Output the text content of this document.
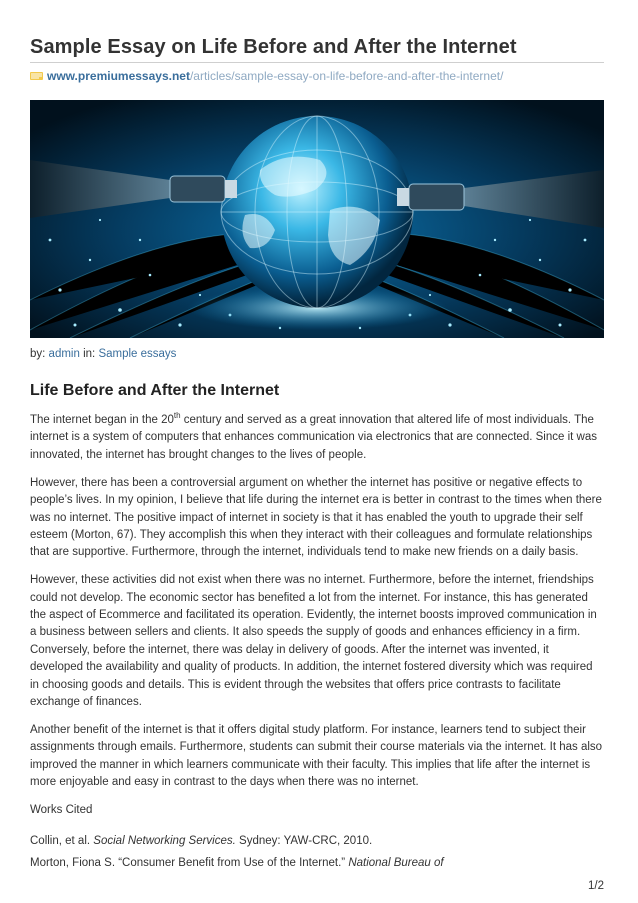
Sample Essay on Life Before and After the Internet
www.premiumessays.net/articles/sample-essay-on-life-before-and-after-the-internet/
by: admin in: Sample essays
Life Before and After the Internet

The internet began in the 20th century and served as a great innovation that altered life of most individuals. The internet is a system of computers that enhances communication via electronics that are connected. Since it was innovated, the internet has brought changes to the lives of people.

However, there has been a controversial argument on whether the internet has positive or negative effects to people’s lives. In my opinion, I believe that life during the internet era is better in contrast to the times when there was no internet. The positive impact of internet in society is that it has enabled the youth to upgrade their self esteem (Morton, 67). They accomplish this when they interact with their colleagues and formulate relationships that are supportive. Furthermore, through the internet, individuals tend to make new friends on a daily basis.

However, these activities did not exist when there was no internet. Furthermore, before the internet, friendships could not develop. The economic sector has benefited a lot from the internet. For instance, this has generated the aspect of Ecommerce and facilitated its operation. Evidently, the internet boosts improved communication in a business between sellers and clients. It also speeds the supply of goods and enhances efficiency in a firm. Conversely, before the internet, there was delay in delivery of goods. After the internet was invented, it developed the availability and quality of products. In addition, the internet fostered diversity which was required in choosing goods and details. This is evident through the websites that offers price contrasts to facilitate exchange of finances.

Another benefit of the internet is that it offers digital study platform. For instance, learners tend to subject their assignments through emails. Furthermore, students can submit their course materials via the internet. It has also improved the manner in which learners communicate with their faculty. This implies that life after the internet is more enjoyable and easy in contrast to the days when there was no internet.

Works Cited
Collin, et al. Social Networking Services. Sydney: YAW-CRC, 2010.
Morton, Fiona S. “Consumer Benefit from Use of the Internet.” National Bureau of
1/2
